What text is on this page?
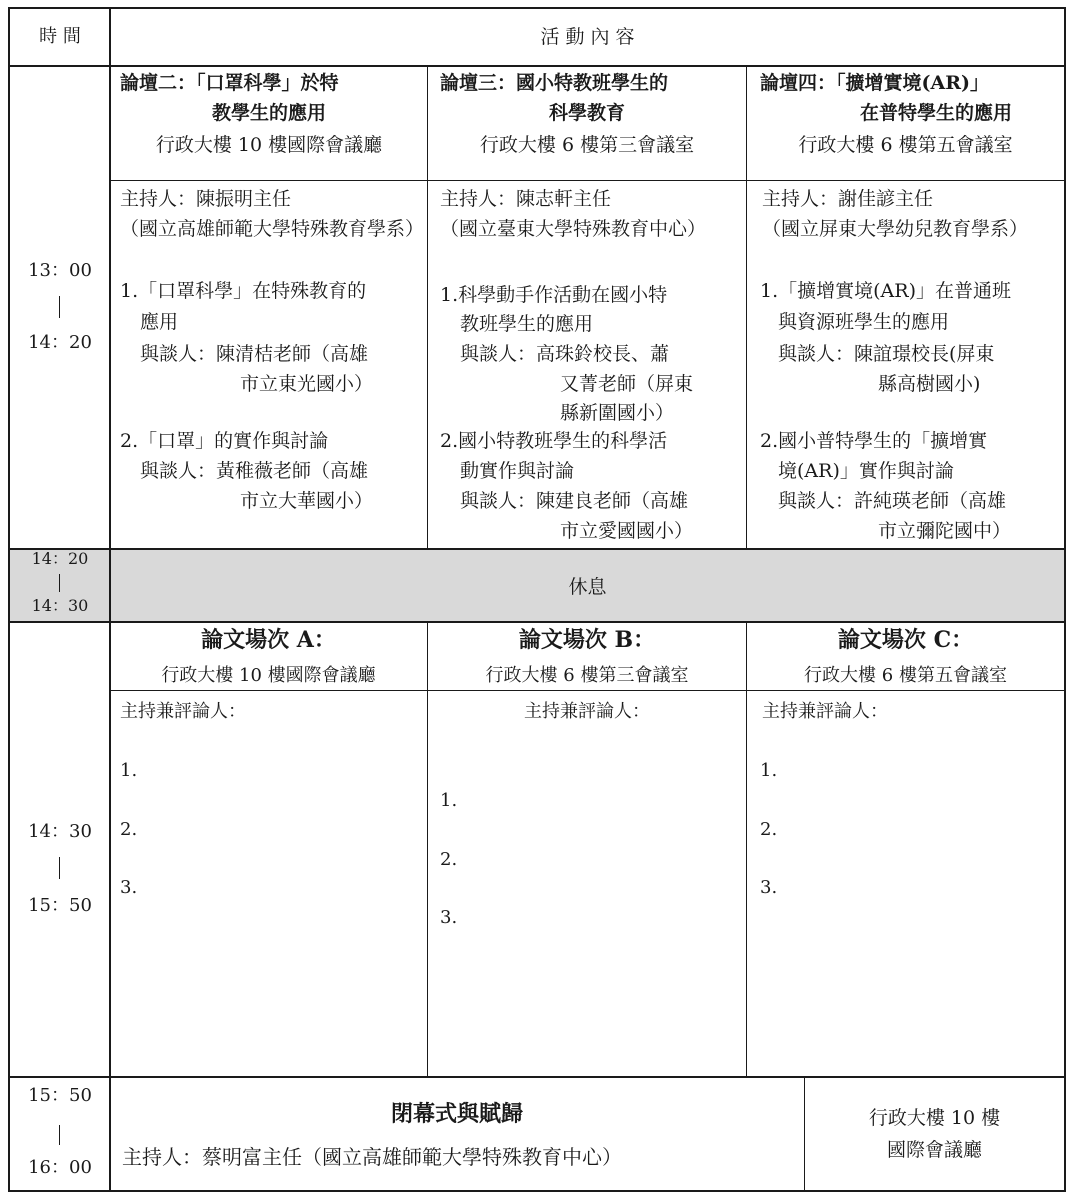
時 間	活 動 內 容
13：00
14：20
論壇二：「口罩科學」於特
教學生的應用
行政大樓 10 樓國際會議廳
主持人：陳振明主任
（國立高雄師範大學特殊教育學系）
1.「口罩科學」在特殊教育的
應用
與談人：陳清桔老師（高雄
市立東光國小）
2.「口罩」的實作與討論
與談人：黃稚薇老師（高雄
市立大華國小）
論壇三：國小特教班學生的
科學教育
行政大樓 6 樓第三會議室
主持人：陳志軒主任
（國立臺東大學特殊教育中心）
1.科學動手作活動在國小特
教班學生的應用
與談人：高珠鈴校長、蕭
又菁老師（屏東
縣新圍國小）
2.國小特教班學生的科學活
動實作與討論
與談人：陳建良老師（高雄
市立愛國國小）
論壇四：「擴增實境(AR)」
在普特學生的應用
行政大樓 6 樓第五會議室
主持人：謝佳諺主任
（國立屏東大學幼兒教育學系）
1.「擴增實境(AR)」在普通班
與資源班學生的應用
與談人：陳誼璟校長(屏東
縣高樹國小)
2.國小普特學生的「擴增實
境(AR)」實作與討論
與談人：許純瑛老師（高雄
市立彌陀國中）
14：20
14：30
休息
14：30
15：50
論文場次 A：
行政大樓 10 樓國際會議廳
主持兼評論人：
1.
2.
3.
論文場次 B：
行政大樓 6 樓第三會議室
主持兼評論人：
1.
2.
3.
論文場次 C：
行政大樓 6 樓第五會議室
主持兼評論人：
1.
2.
3.
15：50
16：00
閉幕式與賦歸
主持人：蔡明富主任（國立高雄師範大學特殊教育中心）
行政大樓 10 樓
國際會議廳
